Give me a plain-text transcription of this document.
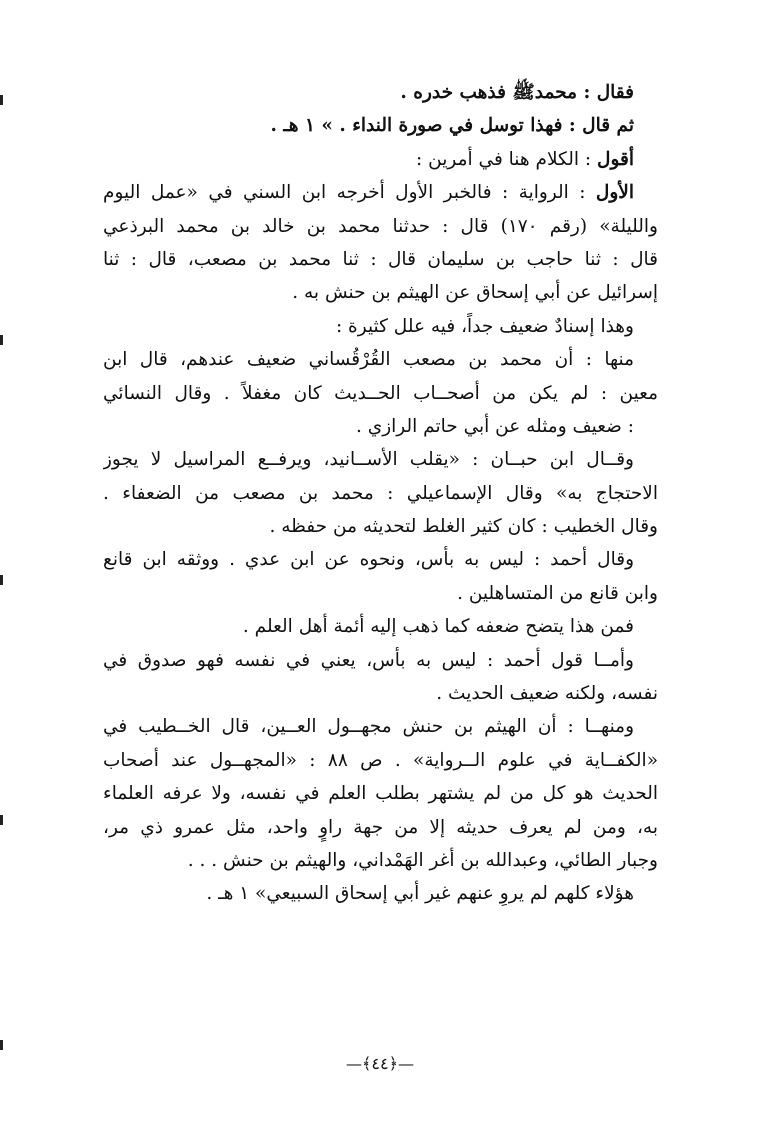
فقال : محمدﷺ فذهب خدره .
ثم قال : فهذا توسل في صورة النداء . » ١ هـ .
أقول : الكلام هنا في أمرين :
الأول : الرواية : فالخبر الأول أخرجه ابن السني في «عمل اليوم
والليلة» (رقم ١٧٠) قال : حدثنا محمد بن خالد بن محمد البرذعي
قال : ثنا حاجب بن سليمان قال : ثنا محمد بن مصعب، قال : ثنا
إسرائيل عن أبي إسحاق عن الهيثم بن حنش به .
وهذا إسنادٌ ضعيف جداً، فيه علل كثيرة :
منها : أن محمد بن مصعب القُرْقُساني ضعيف عندهم، قال ابن
معين : لم يكن من أصحــاب الحــديث كان مغفلاً . وقال النسائي
: ضعيف ومثله عن أبي حاتم الرازي .
وقــال ابن حبــان : «يقلب الأســانيد، ويرفــع المراسيل لا يجوز
الاحتجاج به» وقال الإسماعيلي : محمد بن مصعب من الضعفاء .
وقال الخطيب : كان كثير الغلط لتحديثه من حفظه .
وقال أحمد : ليس به بأس، ونحوه عن ابن عدي . ووثقه ابن قانع
وابن قانع من المتساهلين .
فمن هذا يتضح ضعفه كما ذهب إليه أئمة أهل العلم .
وأمــا قول أحمد : ليس به بأس، يعني في نفسه فهو صدوق في
نفسه، ولكنه ضعيف الحديث .
ومنهــا : أن الهيثم بن حنش مجهــول العــين، قال الخــطيب في
«الكفــاية في علوم الــرواية» . ص ٨٨ : «المجهــول عند أصحاب
الحديث هو كل من لم يشتهر بطلب العلم في نفسه، ولا عرفه العلماء
به، ومن لم يعرف حديثه إلا من جهة راوٍ واحد، مثل عمرو ذي مر،
وجبار الطائي، وعبدالله بن أغر الهَمْداني، والهيثم بن حنش . . .
هؤلاء كلهم لم يروِ عنهم غير أبي إسحاق السبيعي» ١ هـ .
—﴿٤٤﴾—
